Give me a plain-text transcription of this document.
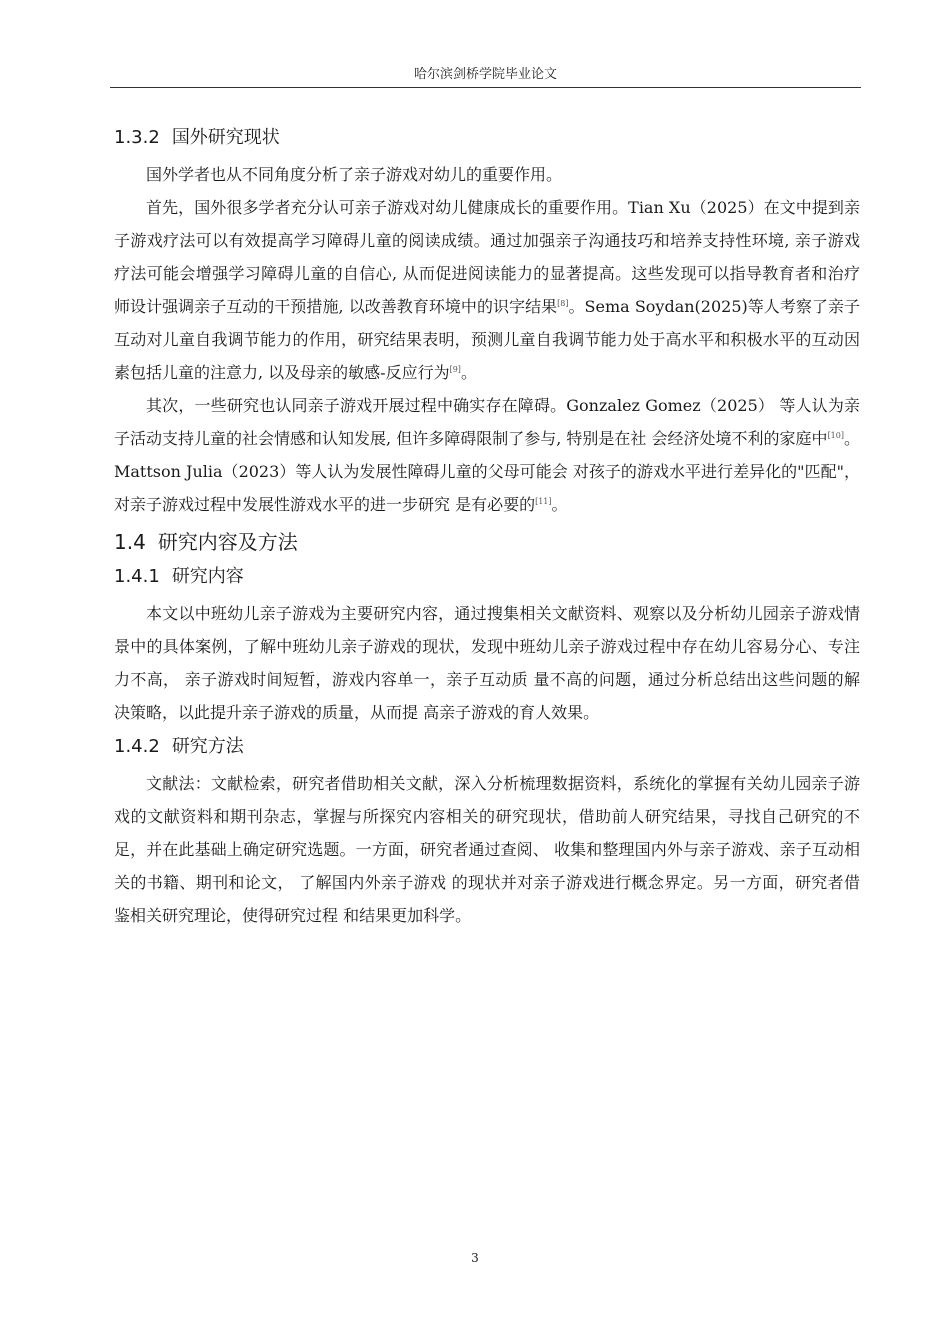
哈尔滨剑桥学院毕业论文
1.3.2 国外研究现状

国外学者也从不同角度分析了亲子游戏对幼儿的重要作用。

首先，国外很多学者充分认可亲子游戏对幼儿健康成长的重要作用。Tian Xu（2025）在文中提到亲子游戏疗法可以有效提高学习障碍儿童的阅读成绩。通过加强亲子沟通技巧和培养支持性环境, 亲子游戏疗法可能会增强学习障碍儿童的自信心, 从而促进阅读能力的显著提高。这些发现可以指导教育者和治疗师设计强调亲子互动的干预措施, 以改善教育环境中的识字结果[8]。Sema Soydan(2025)等人考察了亲子互动对儿童自我调节能力的作用，研究结果表明，预测儿童自我调节能力处于高水平和积极水平的互动因素包括儿童的注意力, 以及母亲的敏感-反应行为[9]。

其次，一些研究也认同亲子游戏开展过程中确实存在障碍。Gonzalez Gomez（2025） 等人认为亲子活动支持儿童的社会情感和认知发展, 但许多障碍限制了参与, 特别是在社 会经济处境不利的家庭中[10]。Mattson Julia（2023）等人认为发展性障碍儿童的父母可能会 对孩子的游戏水平进行差异化的"匹配"，对亲子游戏过程中发展性游戏水平的进一步研究 是有必要的[11]。

1.4 研究内容及方法
1.4.1 研究内容

本文以中班幼儿亲子游戏为主要研究内容，通过搜集相关文献资料、观察以及分析幼儿园亲子游戏情景中的具体案例，了解中班幼儿亲子游戏的现状，发现中班幼儿亲子游戏过程中存在幼儿容易分心、专注力不高， 亲子游戏时间短暂，游戏内容单一，亲子互动质 量不高的问题，通过分析总结出这些问题的解决策略，以此提升亲子游戏的质量，从而提 高亲子游戏的育人效果。

1.4.2 研究方法

文献法：文献检索，研究者借助相关文献，深入分析梳理数据资料，系统化的掌握有关幼儿园亲子游戏的文献资料和期刊杂志，掌握与所探究内容相关的研究现状，借助前人研究结果，寻找自己研究的不足，并在此基础上确定研究选题。一方面，研究者通过查阅、 收集和整理国内外与亲子游戏、亲子互动相关的书籍、期刊和论文， 了解国内外亲子游戏 的现状并对亲子游戏进行概念界定。另一方面，研究者借鉴相关研究理论，使得研究过程 和结果更加科学。

3
